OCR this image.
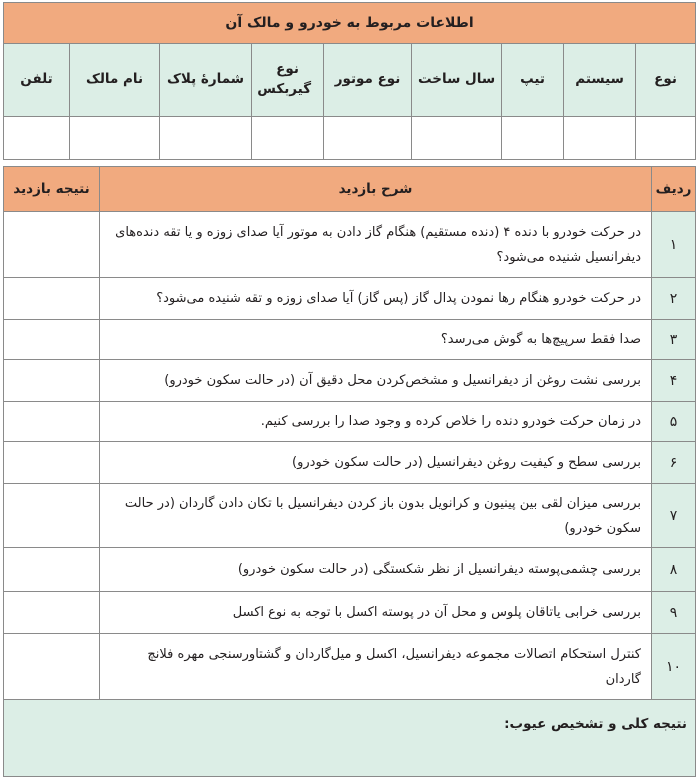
اطلاعات مربوط به خودرو و مالک آن								
نوع	سیستم	تیپ	سال ساخت	نوع موتور	نوع گیربکس	شمارۀ پلاک	نام مالک	تلفن

ردیف	شرح بازدید	نتیجه بازدید
۱	در حرکت خودرو با دنده ۴ (دنده مستقیم) هنگام گاز دادن به موتور آیا صدای زوزه و یا تقه دنده‌های دیفرانسیل شنیده می‌شود؟	
۲	در حرکت خودرو هنگام رها نمودن پدال گاز (پس گاز) آیا صدای زوزه و تقه شنیده می‌شود؟	
۳	صدا فقط سرپیچ‌ها به گوش می‌رسد؟	
۴	بررسی نشت روغن از دیفرانسیل و مشخص‌کردن محل دقیق آن (در حالت سکون خودرو)	
۵	در زمان حرکت خودرو دنده را خلاص کرده و وجود صدا را بررسی کنیم.	
۶	بررسی سطح و کیفیت روغن دیفرانسیل (در حالت سکون خودرو)	
۷	بررسی میزان لقی بین پینیون و کرانویل بدون باز کردن دیفرانسیل با تکان دادن گاردان (در حالت سکون خودرو)	
۸	بررسی چشمی‌پوسته دیفرانسیل از نظر شکستگی (در حالت سکون خودرو)	
۹	بررسی خرابی یاتاقان پلوس و محل آن در پوسته اکسل با توجه به نوع اکسل	
۱۰	کنترل استحکام اتصالات مجموعه دیفرانسیل، اکسل و میل‌گاردان و گشتاورسنجی مهره فلانچ گاردان	
نتیجه کلی و تشخیص عیوب:		
